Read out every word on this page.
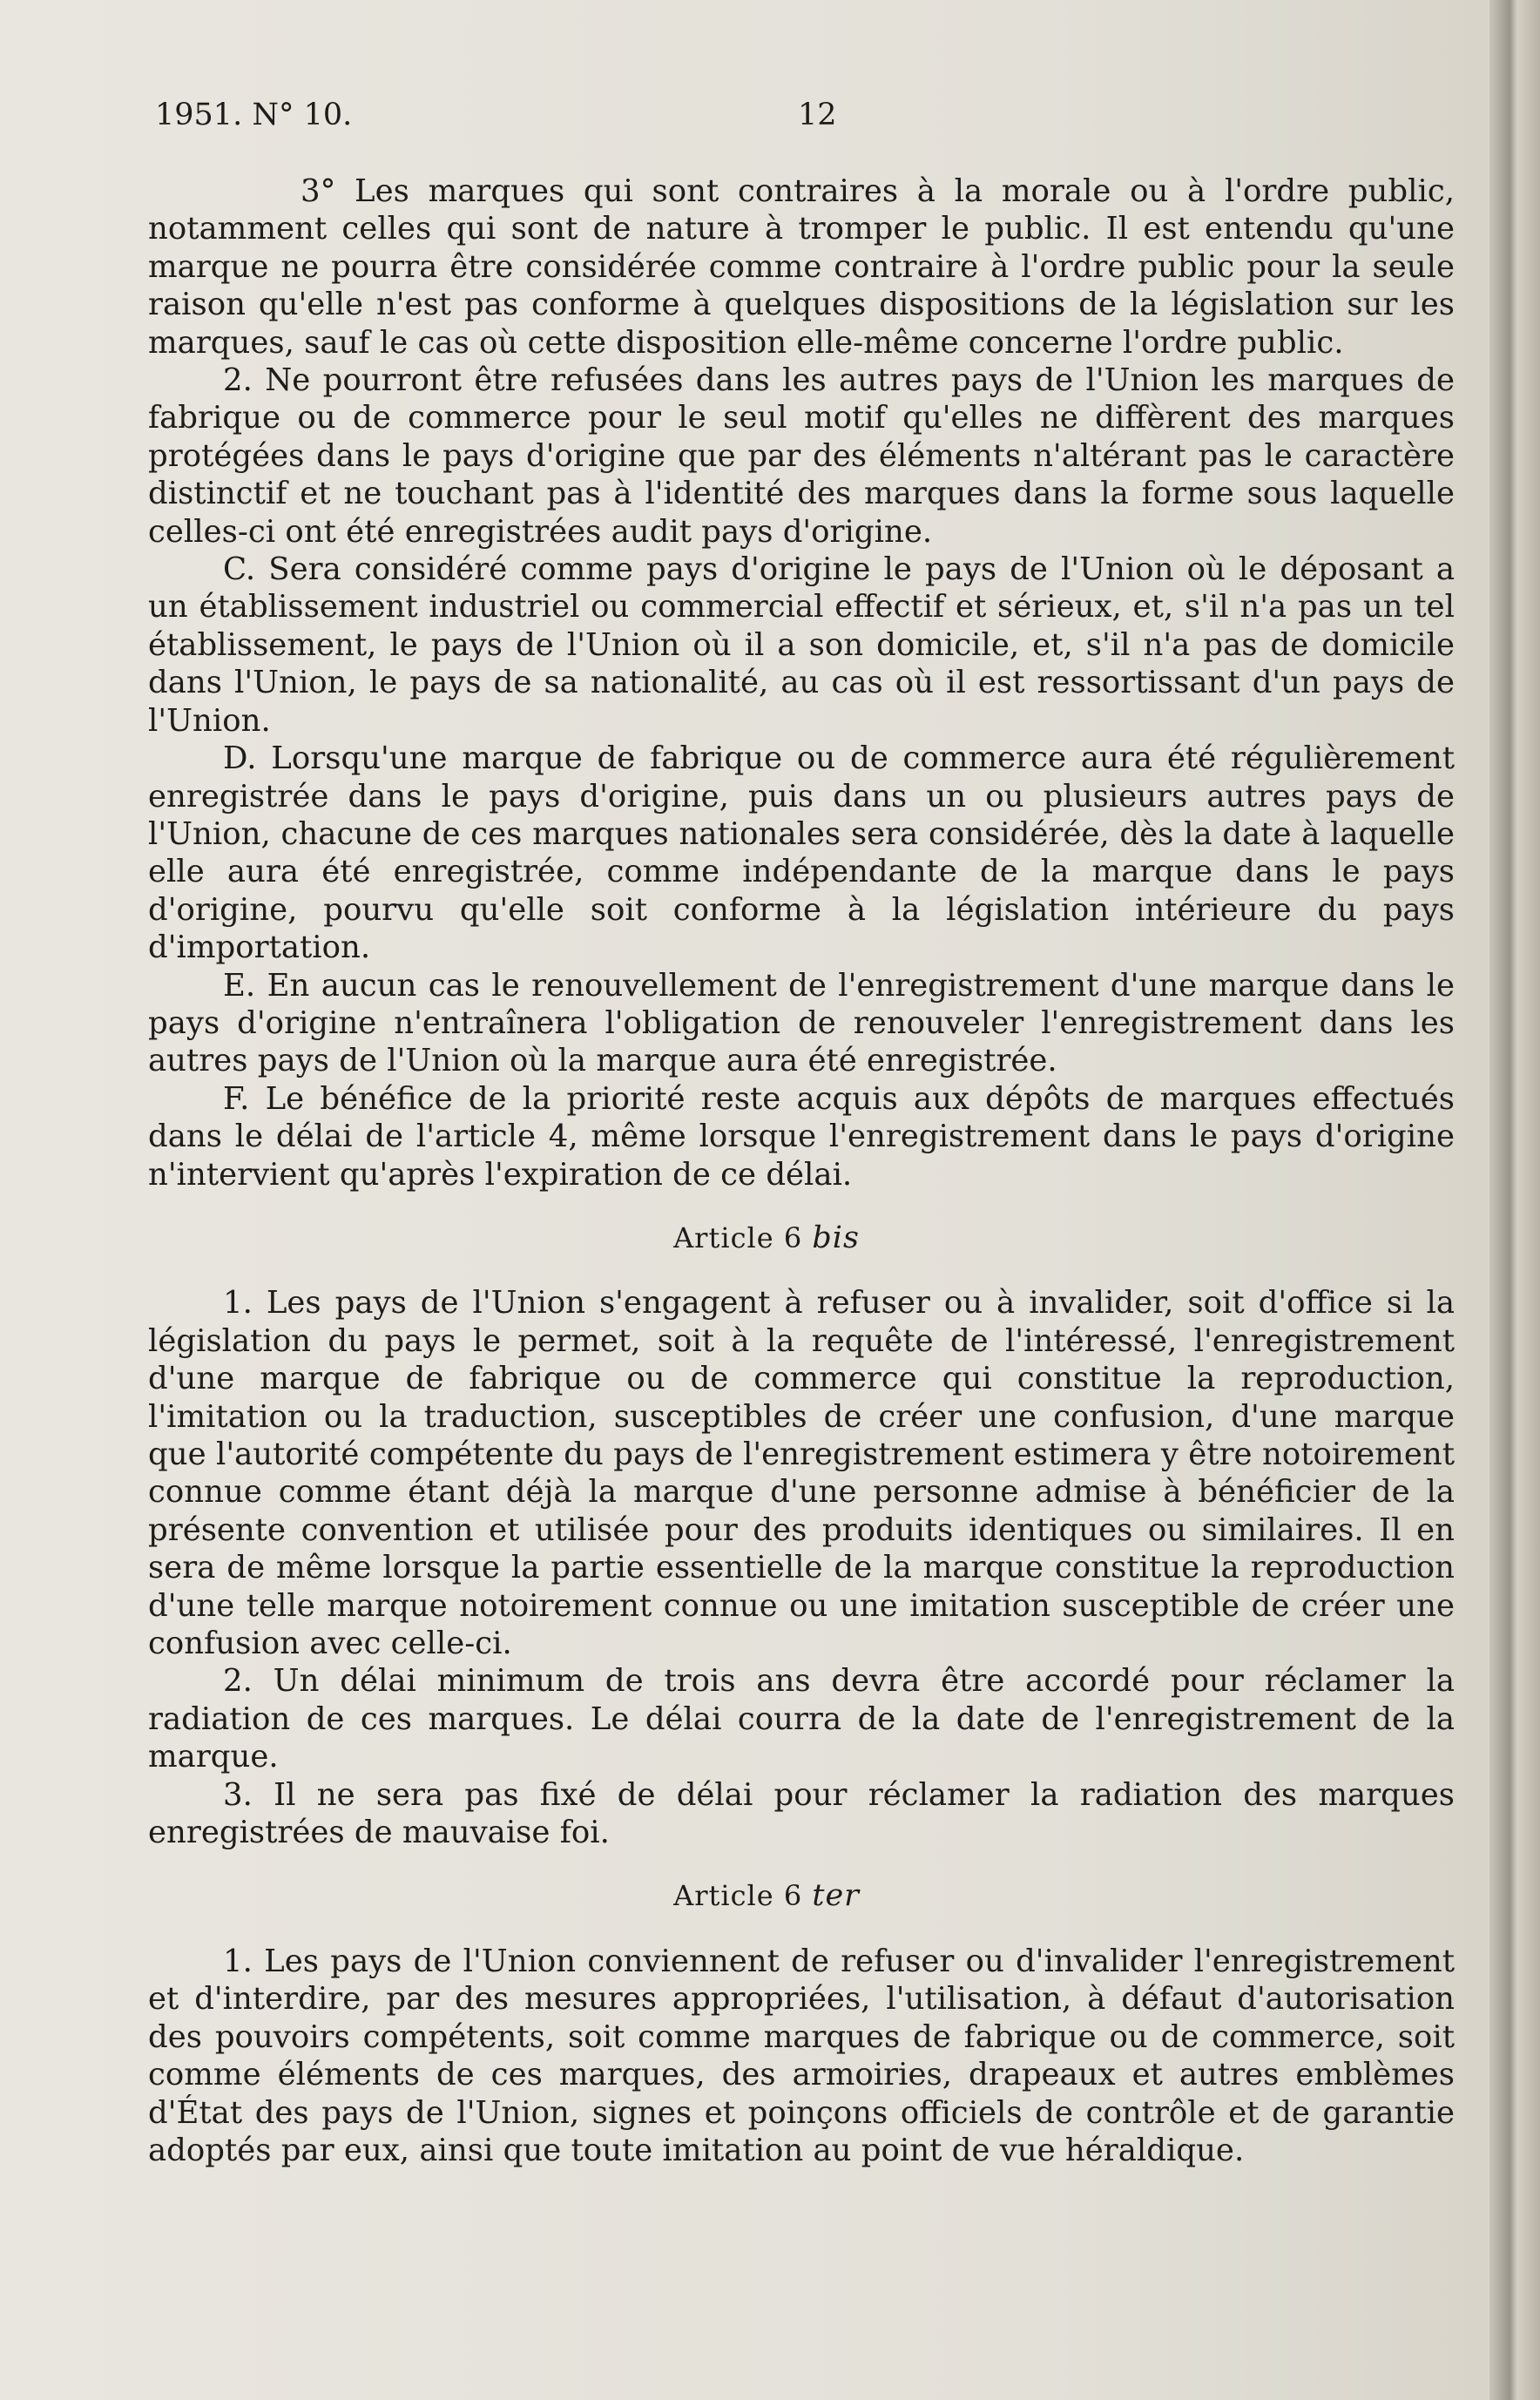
1951. N° 10.	12

3° Les marques qui sont contraires à la morale ou à l'ordre public, notamment celles qui sont de nature à tromper le public. Il est entendu qu'une marque ne pourra être considérée comme contraire à l'ordre public pour la seule raison qu'elle n'est pas conforme à quelques dispositions de la législation sur les marques, sauf le cas où cette disposition elle-même concerne l'ordre public.

2. Ne pourront être refusées dans les autres pays de l'Union les marques de fabrique ou de commerce pour le seul motif qu'elles ne diffèrent des marques protégées dans le pays d'origine que par des éléments n'altérant pas le caractère distinctif et ne touchant pas à l'identité des marques dans la forme sous laquelle celles-ci ont été enregistrées audit pays d'origine.

C. Sera considéré comme pays d'origine le pays de l'Union où le déposant a un établissement industriel ou commercial effectif et sérieux, et, s'il n'a pas un tel établissement, le pays de l'Union où il a son domicile, et, s'il n'a pas de domicile dans l'Union, le pays de sa nationalité, au cas où il est ressortissant d'un pays de l'Union.

D. Lorsqu'une marque de fabrique ou de commerce aura été régulièrement enregistrée dans le pays d'origine, puis dans un ou plusieurs autres pays de l'Union, chacune de ces marques nationales sera considérée, dès la date à laquelle elle aura été enregistrée, comme indépendante de la marque dans le pays d'origine, pourvu qu'elle soit conforme à la législation intérieure du pays d'importation.

E. En aucun cas le renouvellement de l'enregistrement d'une marque dans le pays d'origine n'entraînera l'obligation de renouveler l'enregistrement dans les autres pays de l'Union où la marque aura été enregistrée.

F. Le bénéfice de la priorité reste acquis aux dépôts de marques effectués dans le délai de l'article 4, même lorsque l'enregistrement dans le pays d'origine n'intervient qu'après l'expiration de ce délai.

Article 6 bis

1. Les pays de l'Union s'engagent à refuser ou à invalider, soit d'office si la législation du pays le permet, soit à la requête de l'intéressé, l'enregistrement d'une marque de fabrique ou de commerce qui constitue la reproduction, l'imitation ou la traduction, susceptibles de créer une confusion, d'une marque que l'autorité compétente du pays de l'enregistrement estimera y être notoirement connue comme étant déjà la marque d'une personne admise à bénéficier de la présente convention et utilisée pour des produits identiques ou similaires. Il en sera de même lorsque la partie essentielle de la marque constitue la reproduction d'une telle marque notoirement connue ou une imitation susceptible de créer une confusion avec celle-ci.

2. Un délai minimum de trois ans devra être accordé pour réclamer la radiation de ces marques. Le délai courra de la date de l'enregistrement de la marque.

3. Il ne sera pas fixé de délai pour réclamer la radiation des marques enregistrées de mauvaise foi.

Article 6 ter

1. Les pays de l'Union conviennent de refuser ou d'invalider l'enregistrement et d'interdire, par des mesures appropriées, l'utilisation, à défaut d'autorisation des pouvoirs compétents, soit comme marques de fabrique ou de commerce, soit comme éléments de ces marques, des armoiries, drapeaux et autres emblèmes d'État des pays de l'Union, signes et poinçons officiels de contrôle et de garantie adoptés par eux, ainsi que toute imitation au point de vue héraldique.
